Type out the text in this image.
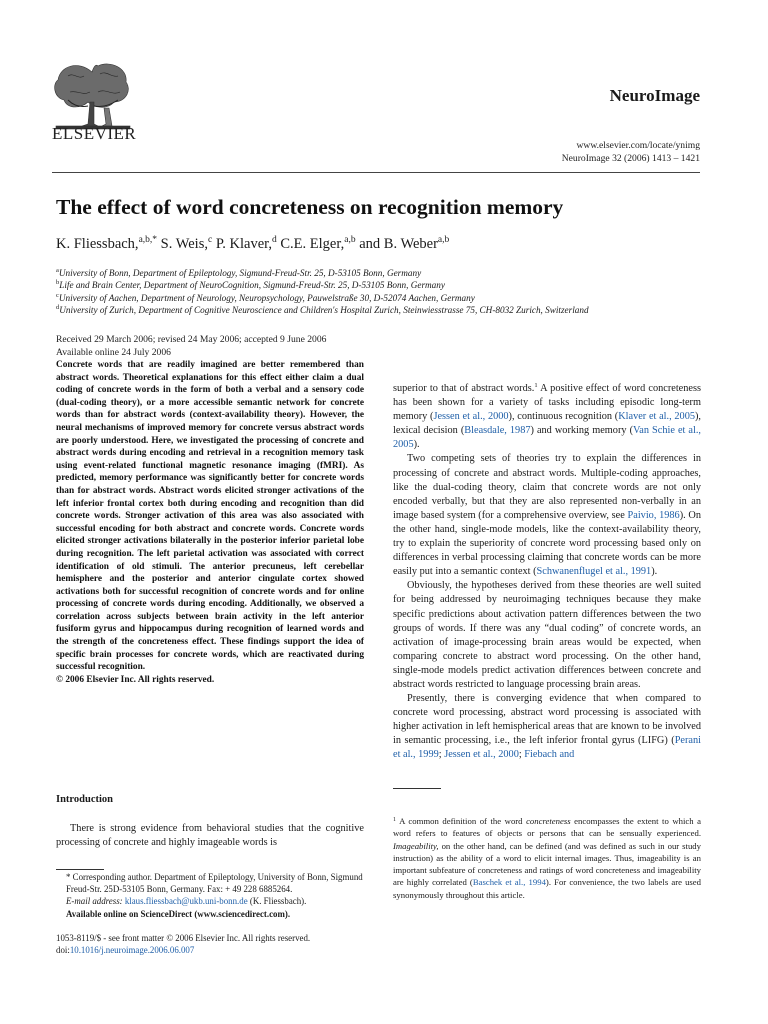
ELSEVIER
NeuroImage
www.elsevier.com/locate/ynimg
NeuroImage 32 (2006) 1413 – 1421
The effect of word concreteness on recognition memory
K. Fliessbach,$^{a,b,*}$ S. Weis,$^c$ P. Klaver,$^d$ C.E. Elger,$^{a,b}$ and B. Weber$^{a,b}$
$^a$University of Bonn, Department of Epileptology, Sigmund-Freud-Str. 25, D-53105 Bonn, Germany
$^b$Life and Brain Center, Department of NeuroCognition, Sigmund-Freud-Str. 25, D-53105 Bonn, Germany
$^c$University of Aachen, Department of Neurology, Neuropsychology, Pauwelstraße 30, D-52074 Aachen, Germany
$^d$University of Zurich, Department of Cognitive Neuroscience and Children's Hospital Zurich, Steinwiesstrasse 75, CH-8032 Zurich, Switzerland
Received 29 March 2006; revised 24 May 2006; accepted 9 June 2006
Available online 24 July 2006
Concrete words that are readily imagined are better remembered than abstract words. Theoretical explanations for this effect either claim a dual coding of concrete words in the form of both a verbal and a sensory code (dual-coding theory), or a more accessible semantic network for concrete words than for abstract words (context-availability theory). However, the neural mechanisms of improved memory for concrete versus abstract words are poorly understood. Here, we investigated the processing of concrete and abstract words during encoding and retrieval in a recognition memory task using event-related functional magnetic resonance imaging (fMRI). As predicted, memory performance was significantly better for concrete words than for abstract words. Abstract words elicited stronger activations of the left inferior frontal cortex both during encoding and recognition than did concrete words. Stronger activation of this area was also associated with successful encoding for both abstract and concrete words. Concrete words elicited stronger activations bilaterally in the posterior inferior parietal lobe during recognition. The left parietal activation was associated with correct identification of old stimuli. The anterior precuneus, left cerebellar hemisphere and the posterior and anterior cingulate cortex showed activations both for successful recognition of concrete words and for online processing of concrete words during encoding. Additionally, we observed a correlation across subjects between brain activity in the left anterior fusiform gyrus and hippocampus during recognition of learned words and the strength of the concreteness effect. These findings support the idea of specific brain processes for concrete words, which are reactivated during successful recognition.
© 2006 Elsevier Inc. All rights reserved.
Introduction
There is strong evidence from behavioral studies that the cognitive processing of concrete and highly imageable words is

* Corresponding author. Department of Epileptology, University of Bonn, Sigmund Freud-Str. 25D-53105 Bonn, Germany. Fax: + 49 228 6885264.

E-mail address: klaus.fliessbach@ukb.uni-bonn.de (K. Fliessbach).

Available online on ScienceDirect (www.sciencedirect.com).

1053-8119/$ - see front matter © 2006 Elsevier Inc. All rights reserved.
doi:10.1016/j.neuroimage.2006.06.007

superior to that of abstract words.$^1$ A positive effect of word concreteness has been shown for a variety of tasks including episodic long-term memory (Jessen et al., 2000), continuous recognition (Klaver et al., 2005), lexical decision (Bleasdale, 1987) and working memory (Van Schie et al., 2005).

Two competing sets of theories try to explain the differences in processing of concrete and abstract words. Multiple-coding approaches, like the dual-coding theory, claim that concrete words are not only encoded verbally, but that they are also represented non-verbally in an image based system (for a comprehensive overview, see Paivio, 1986). On the other hand, single-mode models, like the context-availability theory, try to explain the superiority of concrete word processing based only on differences in verbal processing claiming that concrete words can be more easily put into a semantic context (Schwanenflugel et al., 1991).

Obviously, the hypotheses derived from these theories are well suited for being addressed by neuroimaging techniques because they make specific predictions about activation pattern differences between the two groups of words. If there was any “dual coding” of concrete words, an activation of image-processing brain areas would be expected, when comparing concrete to abstract word processing. On the other hand, single-mode models predict activation differences between concrete and abstract words restricted to language processing brain areas.

Presently, there is converging evidence that when compared to concrete word processing, abstract word processing is associated with higher activation in left hemispherical areas that are known to be involved in semantic processing, i.e., the left inferior frontal gyrus (LIFG) (Perani et al., 1999; Jessen et al., 2000; Fiebach and

$^1$ A common definition of the word concreteness encompasses the extent to which a word refers to features of objects or persons that can be sensually experienced. Imageability, on the other hand, can be defined (and was defined as such in our study instruction) as the ability of a word to elicit internal images. Thus, imageability is an important subfeature of concreteness and ratings of word concreteness and imageability are highly correlated (Baschek et al., 1994). For convenience, the two labels are used synonymously throughout this article.
